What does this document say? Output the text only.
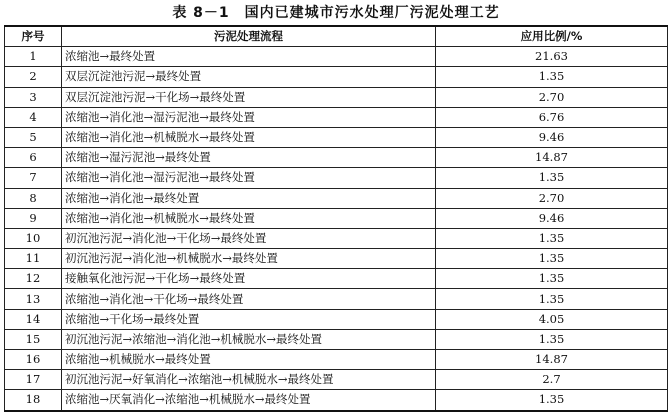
表 8－1　国内已建城市污水处理厂污泥处理工艺
序号	污泥处理流程	应用比例/%
1	浓缩池→最终处置	21.63
2	双层沉淀池污泥→最终处置	1.35
3	双层沉淀池污泥→干化场→最终处置	2.70
4	浓缩池→消化池→湿污泥池→最终处置	6.76
5	浓缩池→消化池→机械脱水→最终处置	9.46
6	浓缩池→湿污泥池→最终处置	14.87
7	浓缩池→消化池→湿污泥池→最终处置	1.35
8	浓缩池→消化池→最终处置	2.70
9	浓缩池→消化池→机械脱水→最终处置	9.46
10	初沉池污泥→消化池→干化场→最终处置	1.35
11	初沉池污泥→消化池→机械脱水→最终处置	1.35
12	接触氧化池污泥→干化场→最终处置	1.35
13	浓缩池→消化池→干化场→最终处置	1.35
14	浓缩池→干化场→最终处置	4.05
15	初沉池污泥→浓缩池→消化池→机械脱水→最终处置	1.35
16	浓缩池→机械脱水→最终处置	14.87
17	初沉池污泥→好氧消化→浓缩池→机械脱水→最终处置	2.7
18	浓缩池→厌氧消化→浓缩池→机械脱水→最终处置	1.35
